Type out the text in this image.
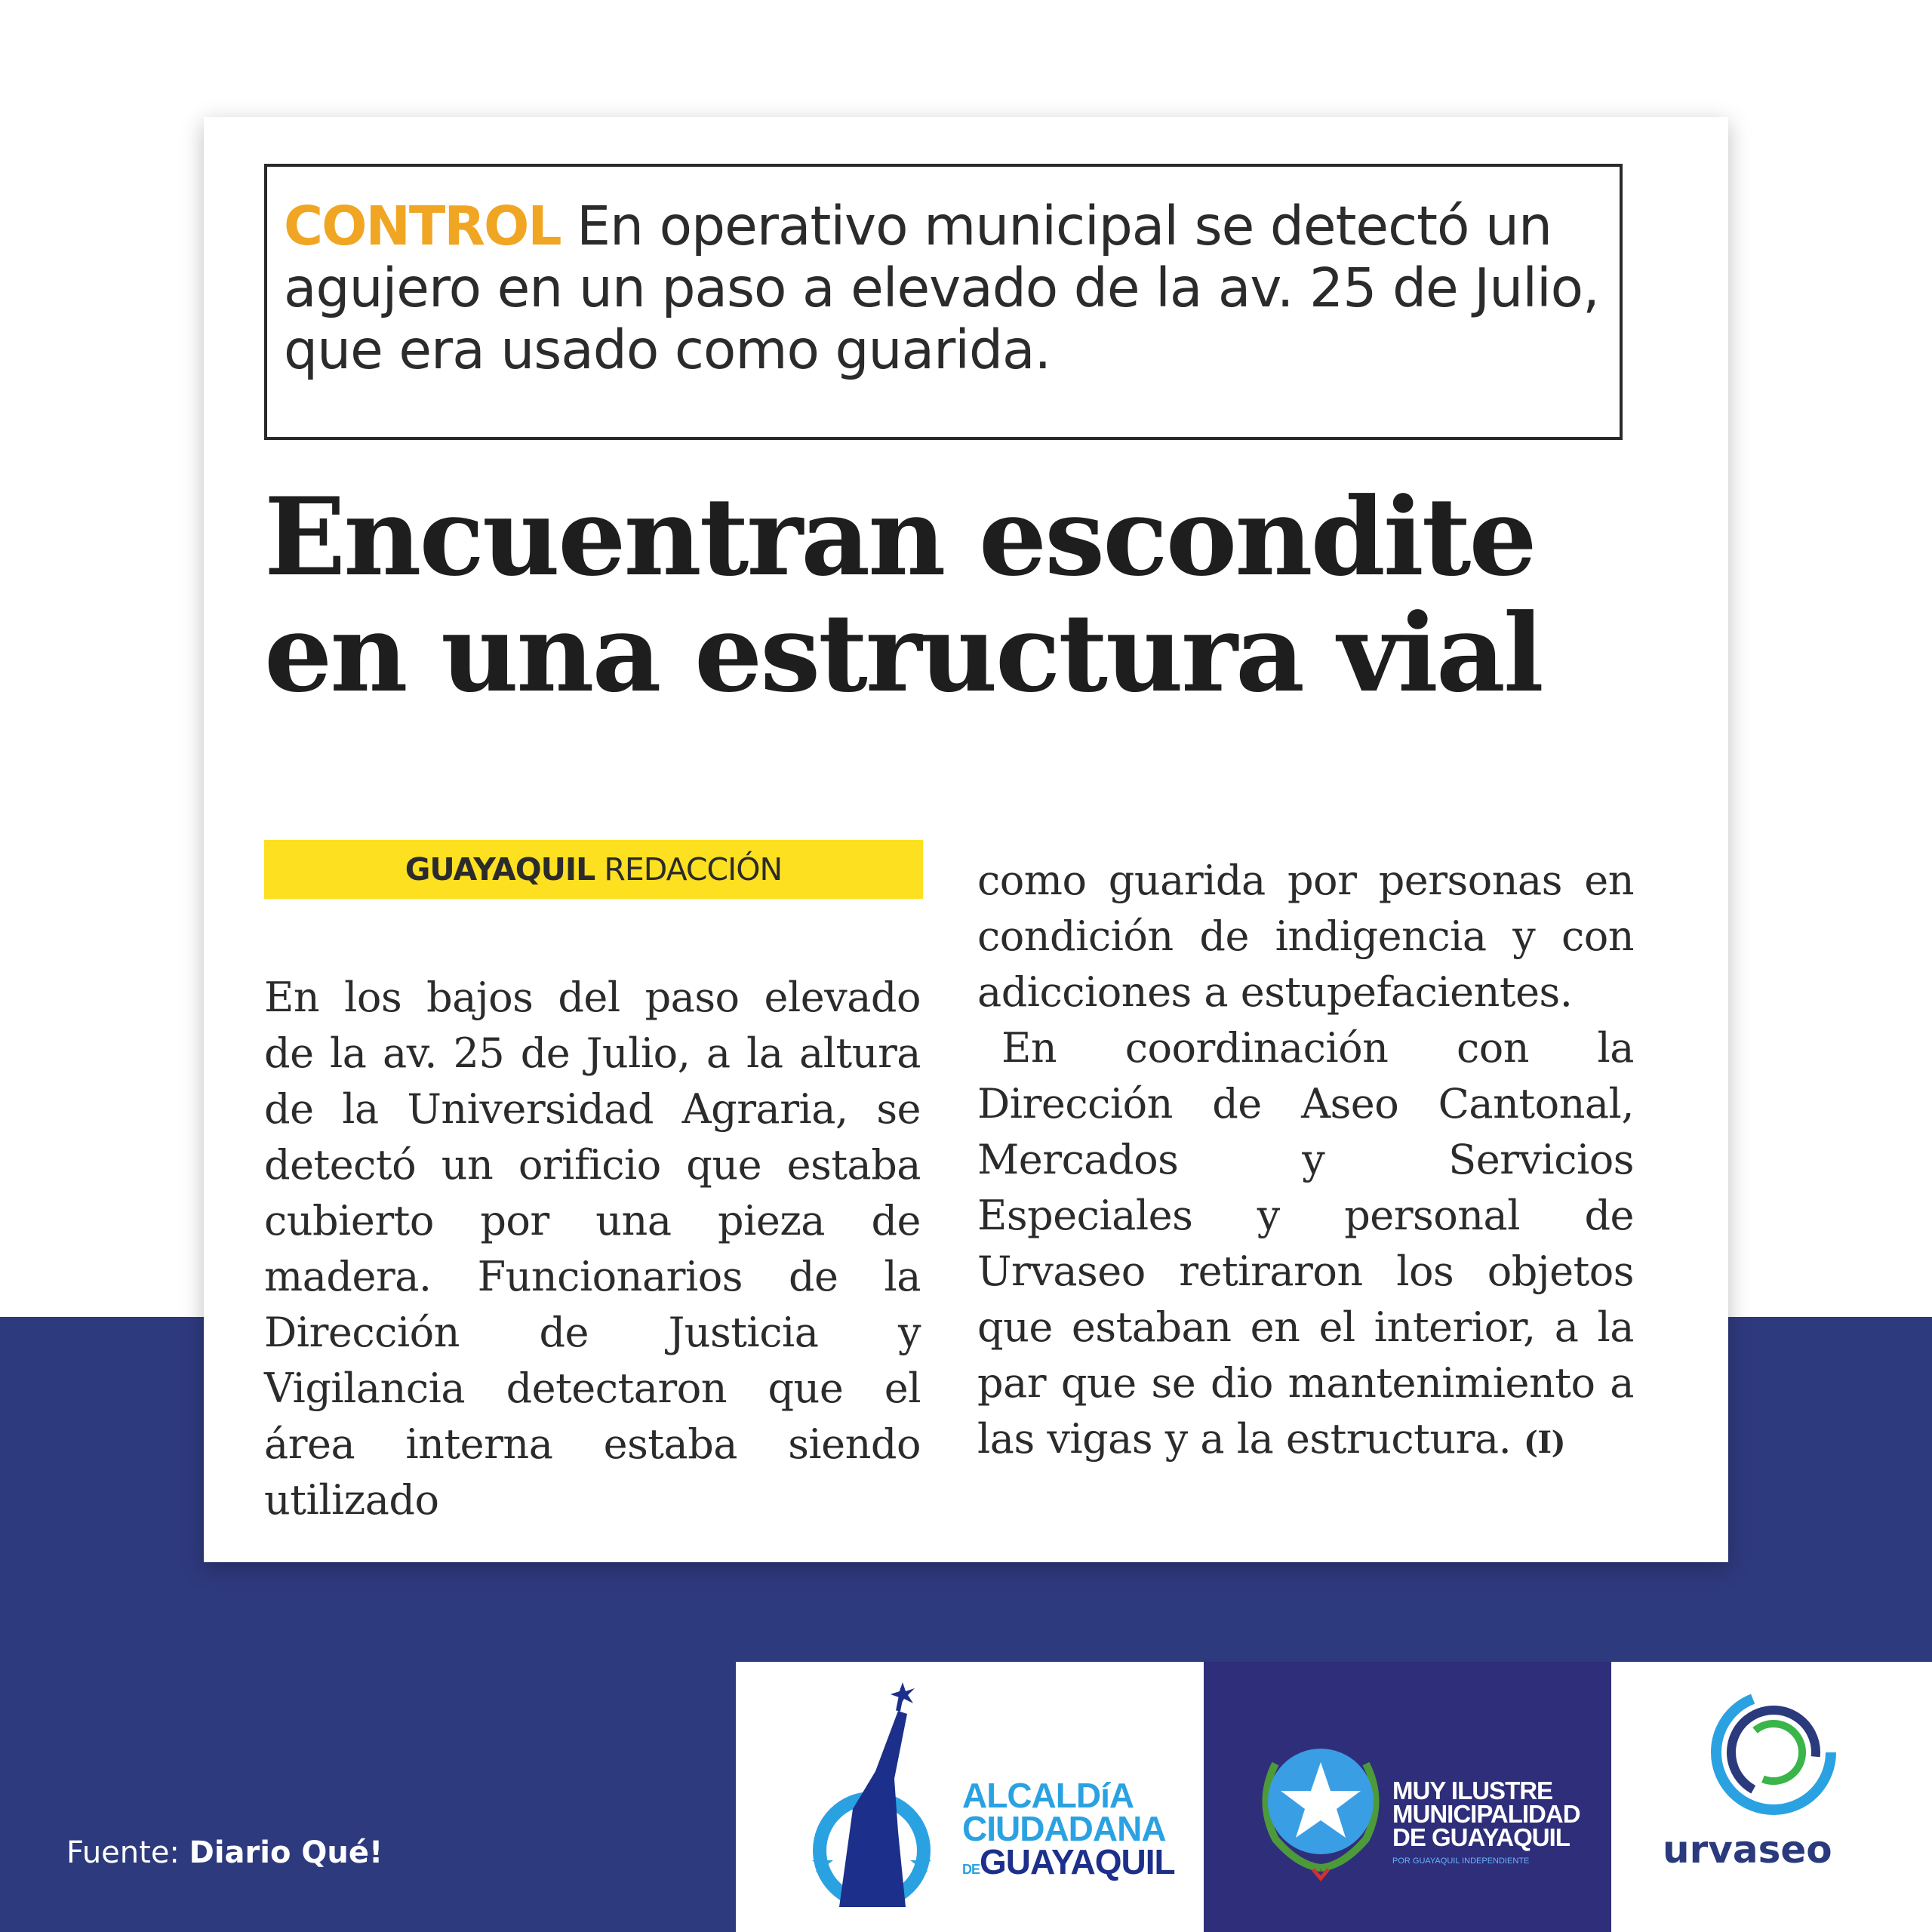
CONTROL En operativo municipal se detectó un agujero en un paso a elevado de la av. 25 de Julio, que era usado como guarida.
Encuentran escondite
en una estructura vial
GUAYAQUIL REDACCIÓN

En los bajos del paso elevado de la av. 25 de Julio, a la altura de la Universidad Agraria, se detectó un orificio que estaba cubierto por una pieza de madera. Funcionarios de la Dirección de Justicia y Vigilancia detectaron que el área interna estaba siendo utilizado

como guarida por personas en condición de indigencia y con adicciones a estupefacientes.

En coordinación con la Dirección de Aseo Cantonal, Mercados y Servicios Especiales y personal de Urvaseo retiraron los objetos que estaban en el interior, a la par que se dio mantenimiento a las vigas y a la estructura. (I)

Fuente: Diario Qué!
ALCALDíA
CIUDADANA
DEGUAYAQUIL
MUY ILUSTRE
MUNICIPALIDAD
DE GUAYAQUIL
POR GUAYAQUIL INDEPENDIENTE	urvaseo
